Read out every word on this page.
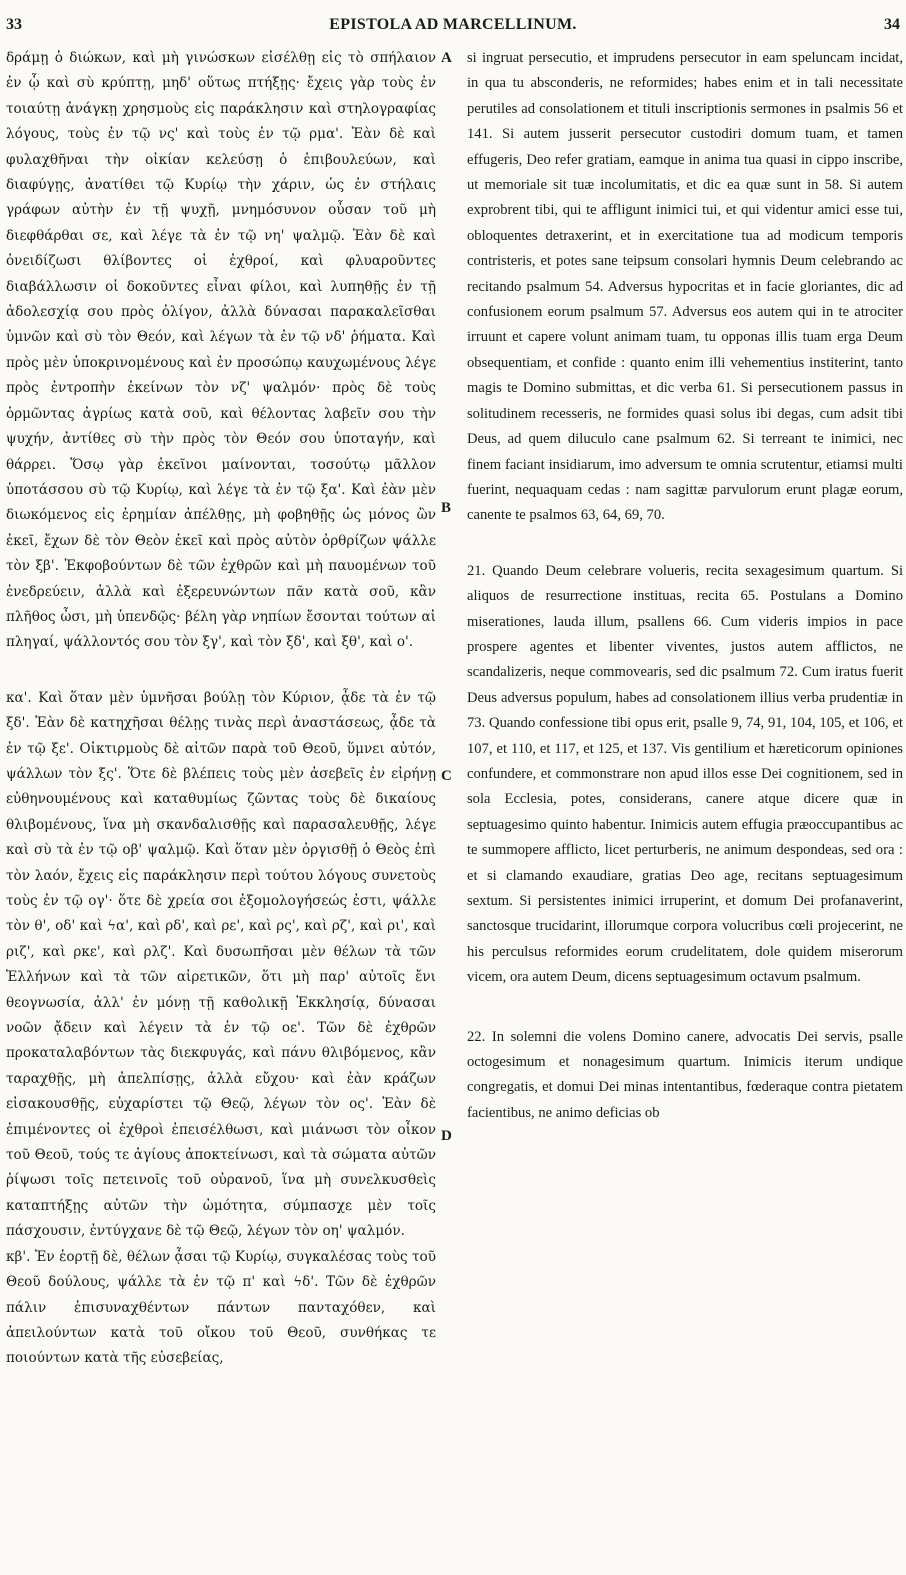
33	EPISTOLA AD MARCELLINUM.	34

δράμῃ ὁ διώκων, καὶ μὴ γινώσκων εἰσέλθῃ εἰς τὸ σπήλαιον ἐν ᾧ καὶ σὺ κρύπτῃ, μηδ' οὕτως πτήξῃς· ἔχεις γὰρ τοὺς ἐν τοιαύτῃ ἀνάγκῃ χρησμοὺς εἰς παράκλησιν καὶ στηλογραφίας λόγους, τοὺς ἐν τῷ νς' καὶ τοὺς ἐν τῷ ρμα'. Ἐὰν δὲ καὶ φυλαχθῆναι τὴν οἰκίαν κελεύσῃ ὁ ἐπιβουλεύων, καὶ διαφύγῃς, ἀνατίθει τῷ Κυρίῳ τὴν χάριν, ὡς ἐν στήλαις γράφων αὐτὴν ἐν τῇ ψυχῇ, μνημόσυνον οὖσαν τοῦ μὴ διεφθάρθαι σε, καὶ λέγε τὰ ἐν τῷ νη' ψαλμῷ. Ἐὰν δὲ καὶ ὀνειδίζωσι θλίβοντες οἱ ἐχθροί, καὶ φλυαροῦντες διαβάλλωσιν οἱ δοκοῦντες εἶναι φίλοι, καὶ λυπηθῇς ἐν τῇ ἀδολεσχίᾳ σου πρὸς ὀλίγον, ἀλλὰ δύνασαι παρακαλεῖσθαι ὑμνῶν καὶ σὺ τὸν Θεόν, καὶ λέγων τὰ ἐν τῷ νδ' ῥήματα. Καὶ πρὸς μὲν ὑποκρινομένους καὶ ἐν προσώπῳ καυχωμένους λέγε πρὸς ἐντροπὴν ἐκείνων τὸν νζ' ψαλμόν· πρὸς δὲ τοὺς ὁρμῶντας ἀγρίως κατὰ σοῦ, καὶ θέλοντας λαβεῖν σου τὴν ψυχήν, ἀντίθες σὺ τὴν πρὸς τὸν Θεόν σου ὑποταγήν, καὶ θάρρει. Ὅσῳ γὰρ ἐκεῖνοι μαίνονται, τοσούτῳ μᾶλλον ὑποτάσσου σὺ τῷ Κυρίῳ, καὶ λέγε τὰ ἐν τῷ ξα'. Καὶ ἐὰν μὲν διωκόμενος εἰς ἐρημίαν ἀπέλθῃς, μὴ φοβηθῇς ὡς μόνος ὢν ἐκεῖ, ἔχων δὲ τὸν Θεὸν ἐκεῖ καὶ πρὸς αὐτὸν ὀρθρίζων ψάλλε τὸν ξβ'. Ἐκφοβούντων δὲ τῶν ἐχθρῶν καὶ μὴ παυομένων τοῦ ἐνεδρεύειν, ἀλλὰ καὶ ἐξερευνώντων πᾶν κατὰ σοῦ, κἂν πλῆθος ὦσι, μὴ ὑπενδῷς· βέλη γὰρ νηπίων ἔσονται τούτων αἱ πληγαί, ψάλλοντός σου τὸν ξγ', καὶ τὸν ξδ', καὶ ξθ', καὶ ο'.

κα'. Καὶ ὅταν μὲν ὑμνῆσαι βούλῃ τὸν Κύριον, ᾆδε τὰ ἐν τῷ ξδ'. Ἐὰν δὲ κατηχῆσαι θέλῃς τινὰς περὶ ἀναστάσεως, ᾆδε τὰ ἐν τῷ ξε'. Οἰκτιρμοὺς δὲ αἰτῶν παρὰ τοῦ Θεοῦ, ὕμνει αὐτόν, ψάλλων τὸν ξς'. Ὅτε δὲ βλέπεις τοὺς μὲν ἀσεβεῖς ἐν εἰρήνῃ εὐθηνουμένους καὶ καταθυμίως ζῶντας τοὺς δὲ δικαίους θλιβομένους, ἵνα μὴ σκανδαλισθῇς καὶ παρασαλευθῇς, λέγε καὶ σὺ τὰ ἐν τῷ οβ' ψαλμῷ. Καὶ ὅταν μὲν ὀργισθῇ ὁ Θεὸς ἐπὶ τὸν λαόν, ἔχεις εἰς παράκλησιν περὶ τούτου λόγους συνετοὺς τοὺς ἐν τῷ ογ'· ὅτε δὲ χρεία σοι ἐξομολογήσεώς ἐστι, ψάλλε τὸν θ', οδ' καὶ ϟα', καὶ ρδ', καὶ ρε', καὶ ρς', καὶ ρζ', καὶ ρι', καὶ ριζ', καὶ ρκε', καὶ ρλζ'. Καὶ δυσωπῆσαι μὲν θέλων τὰ τῶν Ἑλλήνων καὶ τὰ τῶν αἱρετικῶν, ὅτι μὴ παρ' αὐτοῖς ἔνι θεογνωσία, ἀλλ' ἐν μόνῃ τῇ καθολικῇ Ἐκκλησίᾳ, δύνασαι νοῶν ᾄδειν καὶ λέγειν τὰ ἐν τῷ οε'. Τῶν δὲ ἐχθρῶν προκαταλαβόντων τὰς διεκφυγάς, καὶ πάνυ θλιβόμενος, κἂν ταραχθῇς, μὴ ἀπελπίσῃς, ἀλλὰ εὔχου· καὶ ἐὰν κράζων εἰσακουσθῇς, εὐχαρίστει τῷ Θεῷ, λέγων τὸν ος'. Ἐὰν δὲ ἐπιμένοντες οἱ ἐχθροὶ ἐπεισέλθωσι, καὶ μιάνωσι τὸν οἶκον τοῦ Θεοῦ, τούς τε ἁγίους ἀποκτείνωσι, καὶ τὰ σώματα αὐτῶν ῥίψωσι τοῖς πετεινοῖς τοῦ οὐρανοῦ, ἵνα μὴ συνελκυσθεὶς καταπτήξῃς αὐτῶν τὴν ὠμότητα, σύμπασχε μὲν τοῖς πάσχουσιν, ἐντύγχανε δὲ τῷ Θεῷ, λέγων τὸν οη' ψαλμόν.

κβ'. Ἐν ἑορτῇ δὲ, θέλων ᾆσαι τῷ Κυρίῳ, συγκαλέσας τοὺς τοῦ Θεοῦ δούλους, ψάλλε τὰ ἐν τῷ π' καὶ ϟδ'. Τῶν δὲ ἐχθρῶν πάλιν ἐπισυναχθέντων πάντων πανταχόθεν, καὶ ἀπειλούντων κατὰ τοῦ οἴκου τοῦ Θεοῦ, συνθήκας τε ποιούντων κατὰ τῆς εὐσεβείας,

A
B
C
D

si ingruat persecutio, et imprudens persecutor in eam speluncam incidat, in qua tu absconderis, ne reformides; habes enim et in tali necessitate perutiles ad consolationem et tituli inscriptionis sermones in psalmis 56 et 141. Si autem jusserit persecutor custodiri domum tuam, et tamen effugeris, Deo refer gratiam, eamque in anima tua quasi in cippo inscribe, ut memoriale sit tuæ incolumitatis, et dic ea quæ sunt in 58. Si autem exprobrent tibi, qui te affligunt inimici tui, et qui videntur amici esse tui, obloquentes detraxerint, et in exercitatione tua ad modicum temporis contristeris, et potes sane teipsum consolari hymnis Deum celebrando ac recitando psalmum 54. Adversus hypocritas et in facie gloriantes, dic ad confusionem eorum psalmum 57. Adversus eos autem qui in te atrociter irruunt et capere volunt animam tuam, tu opponas illis tuam erga Deum obsequentiam, et confide : quanto enim illi vehementius institerint, tanto magis te Domino submittas, et dic verba 61. Si persecutionem passus in solitudinem recesseris, ne formides quasi solus ibi degas, cum adsit tibi Deus, ad quem diluculo cane psalmum 62. Si terreant te inimici, nec finem faciant insidiarum, imo adversum te omnia scrutentur, etiamsi multi fuerint, nequaquam cedas : nam sagittæ parvulorum erunt plagæ eorum, canente te psalmos 63, 64, 69, 70.

21. Quando Deum celebrare volueris, recita sexagesimum quartum. Si aliquos de resurrectione instituas, recita 65. Postulans a Domino miserationes, lauda illum, psallens 66. Cum videris impios in pace prospere agentes et libenter viventes, justos autem afflictos, ne scandalizeris, neque commovearis, sed dic psalmum 72. Cum iratus fuerit Deus adversus populum, habes ad consolationem illius verba prudentiæ in 73. Quando confessione tibi opus erit, psalle 9, 74, 91, 104, 105, et 106, et 107, et 110, et 117, et 125, et 137. Vis gentilium et hæreticorum opiniones confundere, et commonstrare non apud illos esse Dei cognitionem, sed in sola Ecclesia, potes, considerans, canere atque dicere quæ in septuagesimo quinto habentur. Inimicis autem effugia præoccupantibus ac te summopere afflicto, licet perturberis, ne animum despondeas, sed ora : et si clamando exaudiare, gratias Deo age, recitans septuagesimum sextum. Si persistentes inimici irruperint, et domum Dei profanaverint, sanctosque trucidarint, illorumque corpora volucribus cœli projecerint, ne his perculsus reformides eorum crudelitatem, dole quidem miserorum vicem, ora autem Deum, dicens septuagesimum octavum psalmum.

22. In solemni die volens Domino canere, advocatis Dei servis, psalle octogesimum et nonagesimum quartum. Inimicis iterum undique congregatis, et domui Dei minas intentantibus, fœderaque contra pietatem facientibus, ne animo deficias ob
